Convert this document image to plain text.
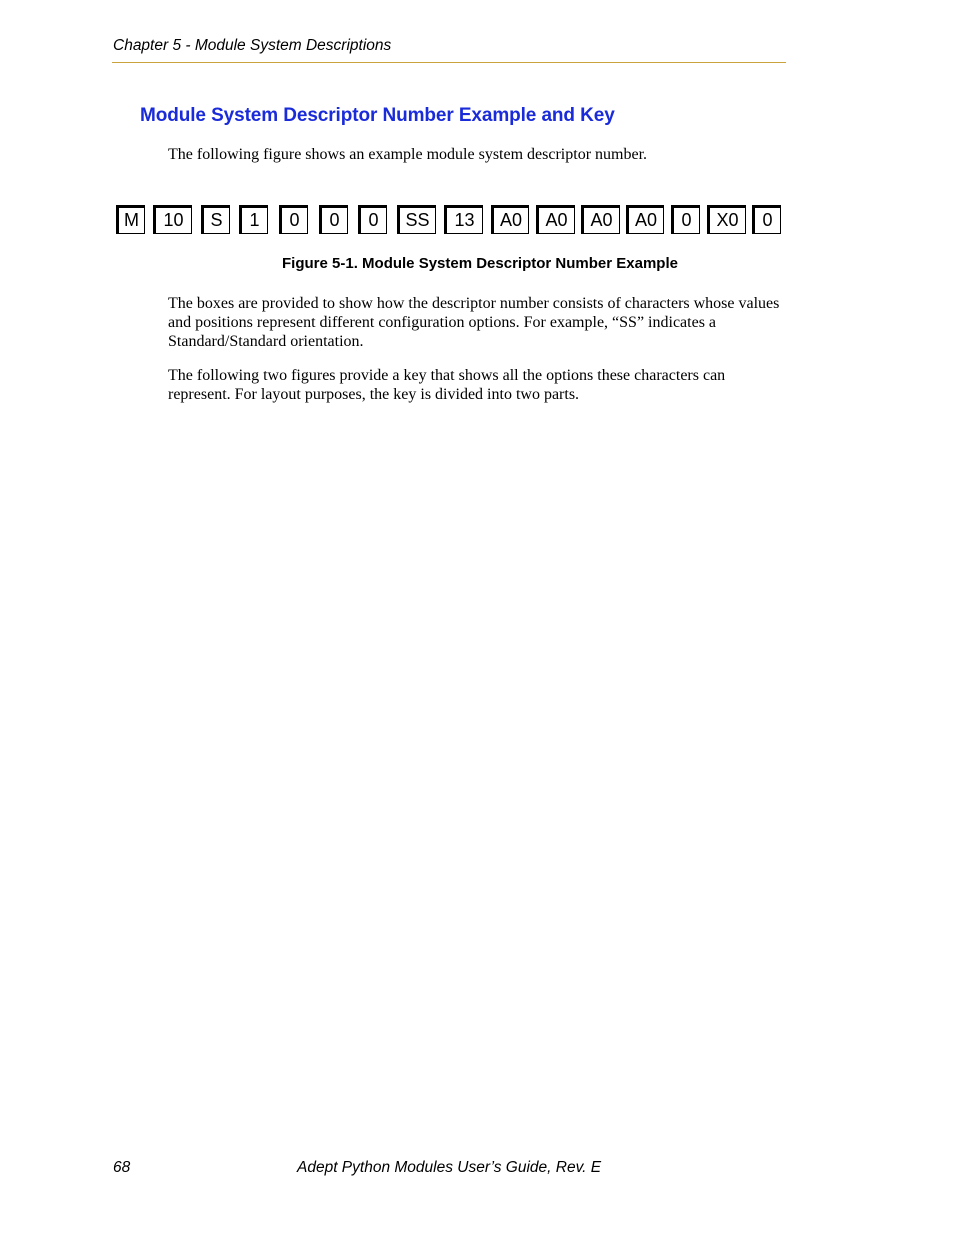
Chapter 5 - Module System Descriptions
Module System Descriptor Number Example and Key
The following figure shows an example module system descriptor number.
M	10	S	1	0	0	0	SS	13	A0	A0	A0	A0	0	X0	0
Figure 5-1. Module System Descriptor Number Example
The boxes are provided to show how the descriptor number consists of characters whose values and positions represent different configuration options. For example, “SS” indicates a Standard/Standard orientation.
The following two figures provide a key that shows all the options these characters can represent. For layout purposes, the key is divided into two parts.
68	Adept Python Modules User’s Guide, Rev. E
